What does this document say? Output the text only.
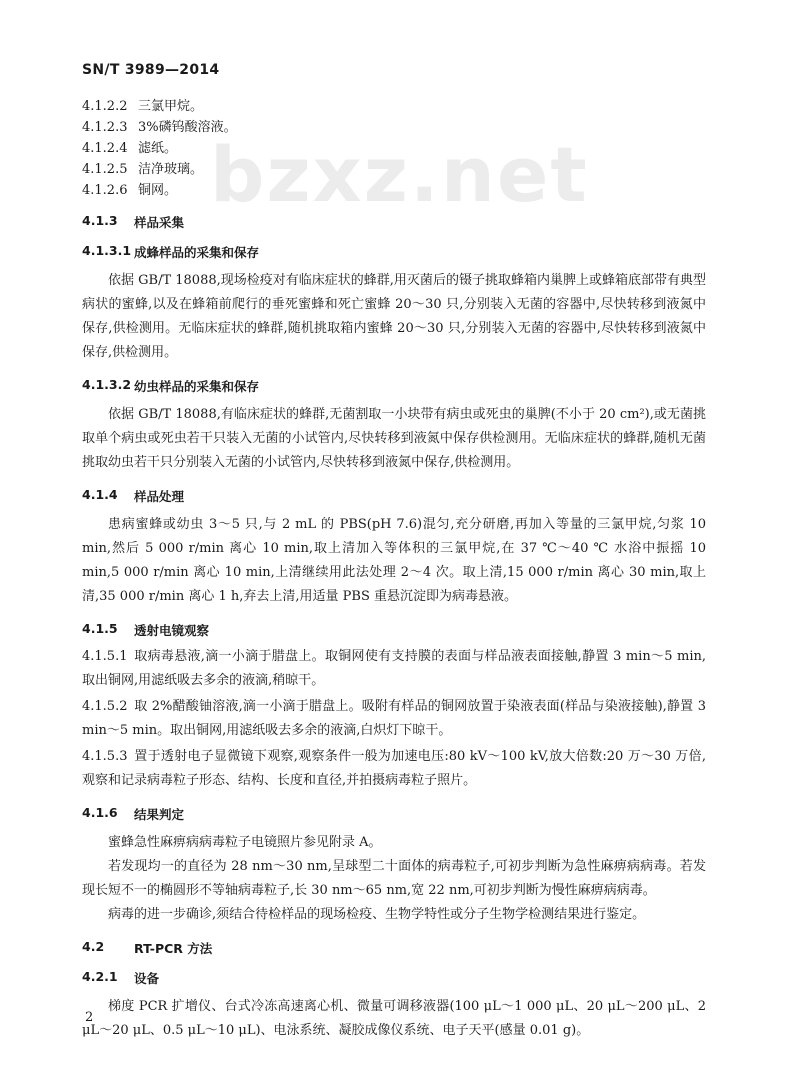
SN/T 3989—2014
bzxz.net
4.1.2.2 三氯甲烷。
4.1.2.3 3%磷钨酸溶液。
4.1.2.4 滤纸。
4.1.2.5 洁净玻璃。
4.1.2.6 铜网。
4.1.3	样品采集
4.1.3.1 成蜂样品的采集和保存
依据 GB/T 18088,现场检疫对有临床症状的蜂群,用灭菌后的镊子挑取蜂箱内巢脾上或蜂箱底部带有典型病状的蜜蜂,以及在蜂箱前爬行的垂死蜜蜂和死亡蜜蜂 20～30 只,分别装入无菌的容器中,尽快转移到液氮中保存,供检测用。无临床症状的蜂群,随机挑取箱内蜜蜂 20～30 只,分别装入无菌的容器中,尽快转移到液氮中保存,供检测用。
4.1.3.2 幼虫样品的采集和保存
依据 GB/T 18088,有临床症状的蜂群,无菌割取一小块带有病虫或死虫的巢脾(不小于 20 cm²),或无菌挑取单个病虫或死虫若干只装入无菌的小试管内,尽快转移到液氮中保存供检测用。无临床症状的蜂群,随机无菌挑取幼虫若干只分别装入无菌的小试管内,尽快转移到液氮中保存,供检测用。
4.1.4	样品处理
患病蜜蜂或幼虫 3～5 只,与 2 mL 的 PBS(pH 7.6)混匀,充分研磨,再加入等量的三氯甲烷,匀浆 10 min,然后 5 000 r/min 离心 10 min,取上清加入等体积的三氯甲烷,在 37 ℃～40 ℃ 水浴中振摇 10 min,5 000 r/min 离心 10 min,上清继续用此法处理 2～4 次。取上清,15 000 r/min 离心 30 min,取上清,35 000 r/min 离心 1 h,弃去上清,用适量 PBS 重悬沉淀即为病毒悬液。
4.1.5	透射电镜观察
4.1.5.1 取病毒悬液,滴一小滴于腊盘上。取铜网使有支持膜的表面与样品液表面接触,静置 3 min～5 min,取出铜网,用滤纸吸去多余的液滴,稍晾干。
4.1.5.2 取 2%醋酸铀溶液,滴一小滴于腊盘上。吸附有样品的铜网放置于染液表面(样品与染液接触),静置 3 min～5 min。取出铜网,用滤纸吸去多余的液滴,白炽灯下晾干。
4.1.5.3 置于透射电子显微镜下观察,观察条件一般为加速电压:80 kV～100 kV,放大倍数:20 万～30 万倍,观察和记录病毒粒子形态、结构、长度和直径,并拍摄病毒粒子照片。
4.1.6	结果判定
蜜蜂急性麻痹病病毒粒子电镜照片参见附录 A。
若发现均一的直径为 28 nm～30 nm,呈球型二十面体的病毒粒子,可初步判断为急性麻痹病病毒。若发现长短不一的椭圆形不等轴病毒粒子,长 30 nm～65 nm,宽 22 nm,可初步判断为慢性麻痹病病毒。
病毒的进一步确诊,须结合待检样品的现场检疫、生物学特性或分子生物学检测结果进行鉴定。
4.2	RT-PCR 方法
4.2.1	设备
梯度 PCR 扩增仪、台式冷冻高速离心机、微量可调移液器(100 μL～1 000 μL、20 μL～200 μL、2 μL～20 μL、0.5 μL～10 μL)、电泳系统、凝胶成像仪系统、电子天平(感量 0.01 g)。
2
